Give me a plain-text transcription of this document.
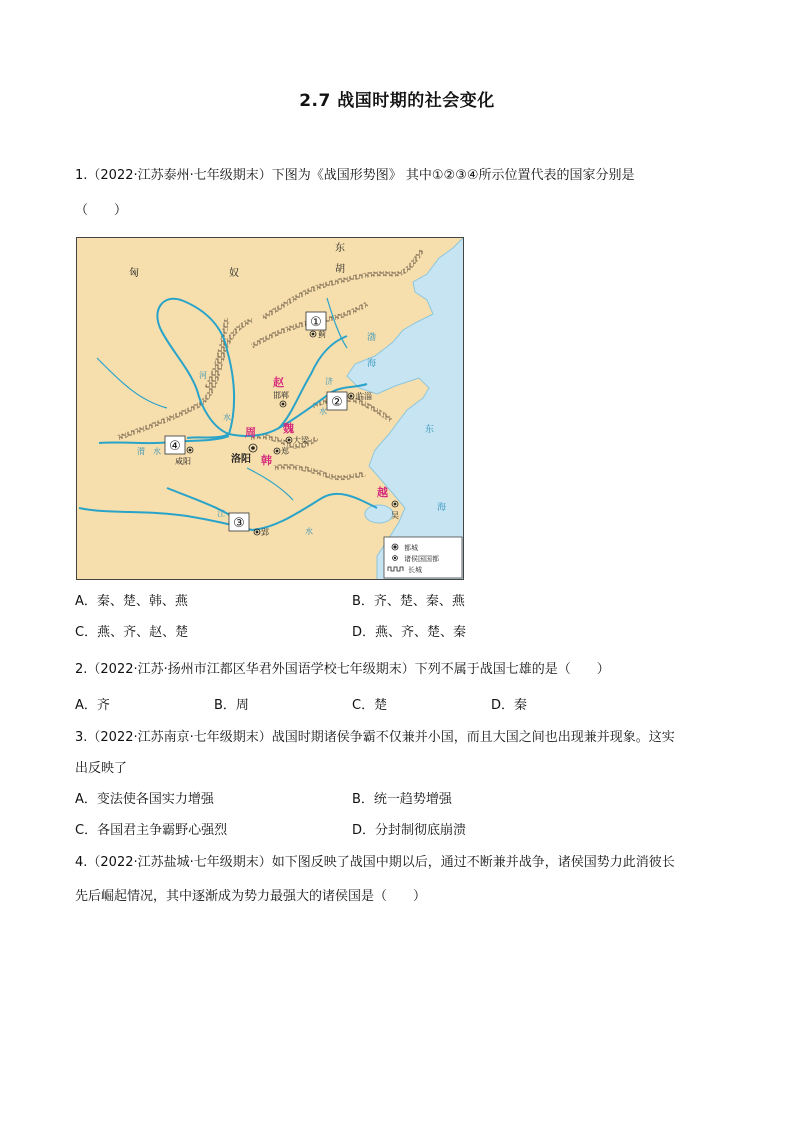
2.7 战国时期的社会变化
1.（2022·江苏泰州·七年级期末）下图为《战国形势图》 其中①②③④所示位置代表的国家分别是
（　　）
匈	奴
东
胡
渤
海
东
海
河
水
渭 水
济
水
江
水
赵
周 魏
韩
越
蓟
邯郸	临淄
大梁
郑
咸阳	洛阳
吴
郢
①
②
③
④
都城
诸侯国国都
长城
A．秦、楚、韩、燕	B．齐、楚、秦、燕
C．燕、齐、赵、楚	D．燕、齐、楚、秦
2.（2022·江苏·扬州市江都区华君外国语学校七年级期末）下列不属于战国七雄的是（　　）
A．齐	B．周	C．楚	D．秦
3.（2022·江苏南京·七年级期末）战国时期诸侯争霸不仅兼并小国，而且大国之间也出现兼并现象。这实
出反映了
A．变法使各国实力增强	B．统一趋势增强
C．各国君主争霸野心强烈	D．分封制彻底崩溃
4.（2022·江苏盐城·七年级期末）如下图反映了战国中期以后，通过不断兼并战争，诸侯国势力此消彼长
先后崛起情况，其中逐渐成为势力最强大的诸侯国是（　　）
